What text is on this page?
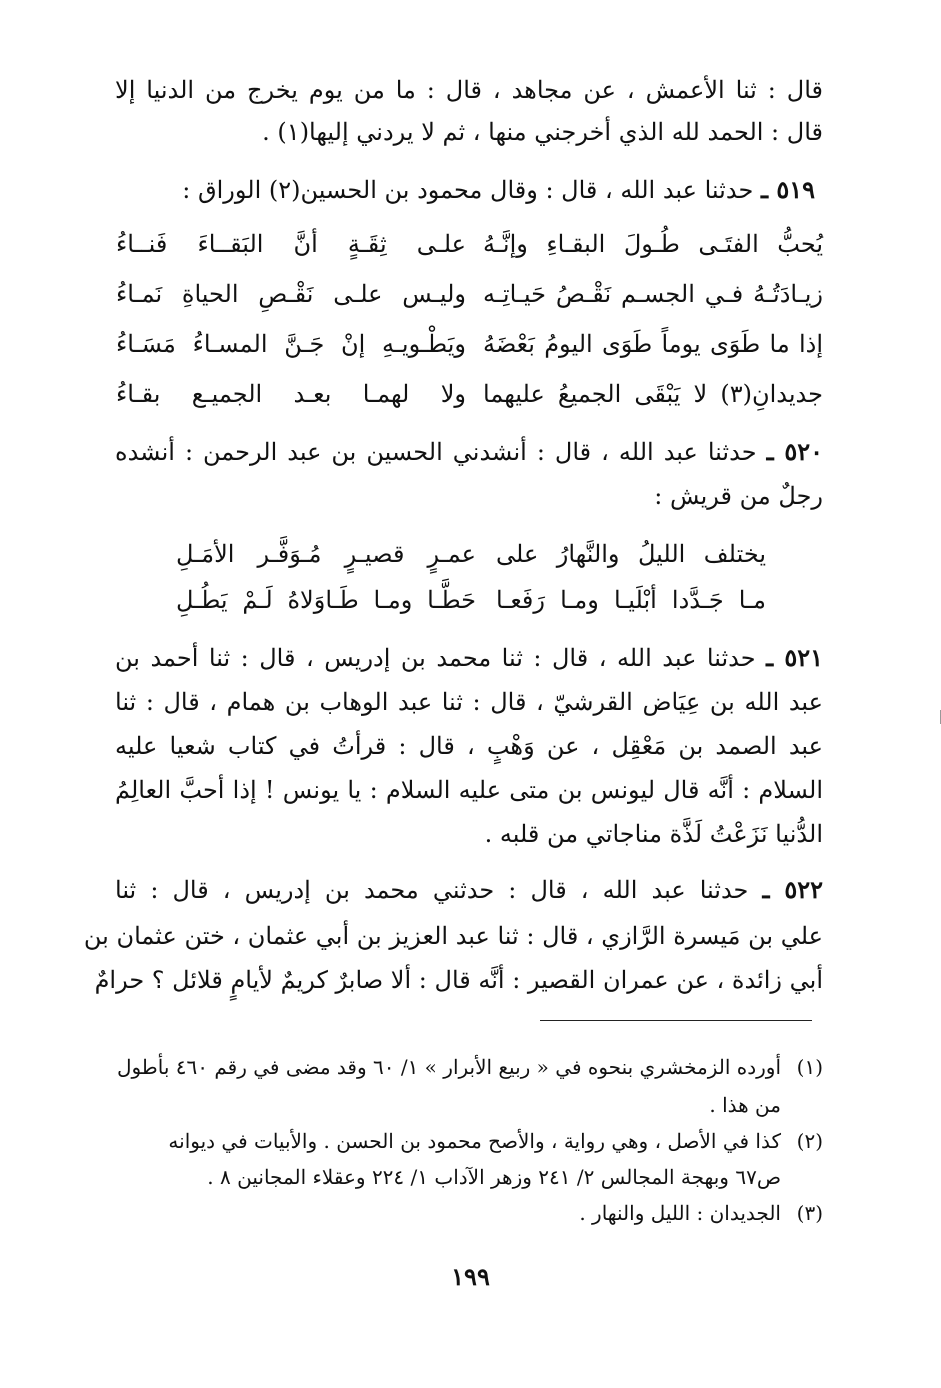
قال : ثنا الأعمش ، عن مجاهد ، قال : ما من يوم يخرج من الدنيا إلا
قال : الحمد لله الذي أخرجني منها ، ثم لا يردني إليها(١) .
٥١٩ ـ حدثنا عبد الله ، قال : وقال محمود بن الحسين(٢) الوراق :
يُحبُّ الفتَـى طُـولَ البقـاءِ وإنَّـهُ
علـى ثِقَـةٍ أنَّ البَقــاءَ فَنــاءُ
زيـادَتُـهُ فـي الجسـم نَقْـصُ حَيـاتِـه
وليـس علـى نَقْـصِ الحياةِ نَمـاءُ
إذا ما طَوَى يوماً طَوَى اليومُ بَعْضَهُ
ويَطْـويـهِ إنْ جَـنَّ المسـاءُ مَسَـاءُ
جديدانِ(٣) لا يَبْقَى الجميعُ عليهما
ولا لهمـا بعـد الجميـع بقـاءُ
٥٢٠ ـ حدثنا عبد الله ، قال : أنشدني الحسين بن عبد الرحمن : أنشده
رجلٌ من قريش :
يختلف الليلُ والنَّهارُ على
عمـرٍ قصيـرٍ مُـوَفَّـر الأمَـلِ
مـا جَـدَّدا أبْلَيـا ومـا رَفَعـا
حَطَّـا ومـا طَـاوَلاهُ لَـمْ يَطُـلِ
٥٢١ ـ حدثنا عبد الله ، قال : ثنا محمد بن إدريس ، قال : ثنا أحمد بن
عبد الله بن عِيَاض القرشيّ ، قال : ثنا عبد الوهاب بن همام ، قال : ثنا
عبد الصمد بن مَعْقِل ، عن وَهْبٍ ، قال : قرأتُ في كتاب شعيا عليه
السلام : أنَّه قال ليونس بن متى عليه السلام : يا يونس ! إذا أحبَّ العالِمُ
الدُّنيا نَزَعْتُ لَذَّة مناجاتي من قلبه .
٥٢٢ ـ حدثنا عبد الله ، قال : حدثني محمد بن إدريس ، قال : ثنا
علي بن مَيسرة الرَّازي ، قال : ثنا عبد العزيز بن أبي عثمان ، ختن عثمان بن
أبي زائدة ، عن عمران القصير : أنَّه قال : ألا صابرٌ كريمٌ لأيامٍ قلائل ؟ حرامٌ
(١)أورده الزمخشري بنحوه في « ربيع الأبرار » ١/ ٦٠ وقد مضى في رقم ٤٦٠ بأطول
من هذا .
(٢)كذا في الأصل ، وهي رواية ، والأصح محمود بن الحسن . والأبيات في ديوانه
ص٦٧ وبهجة المجالس ٢/ ٢٤١ وزهر الآداب ١/ ٢٢٤ وعقلاء المجانين ٨ .
(٣)الجديدان : الليل والنهار .
١٩٩
